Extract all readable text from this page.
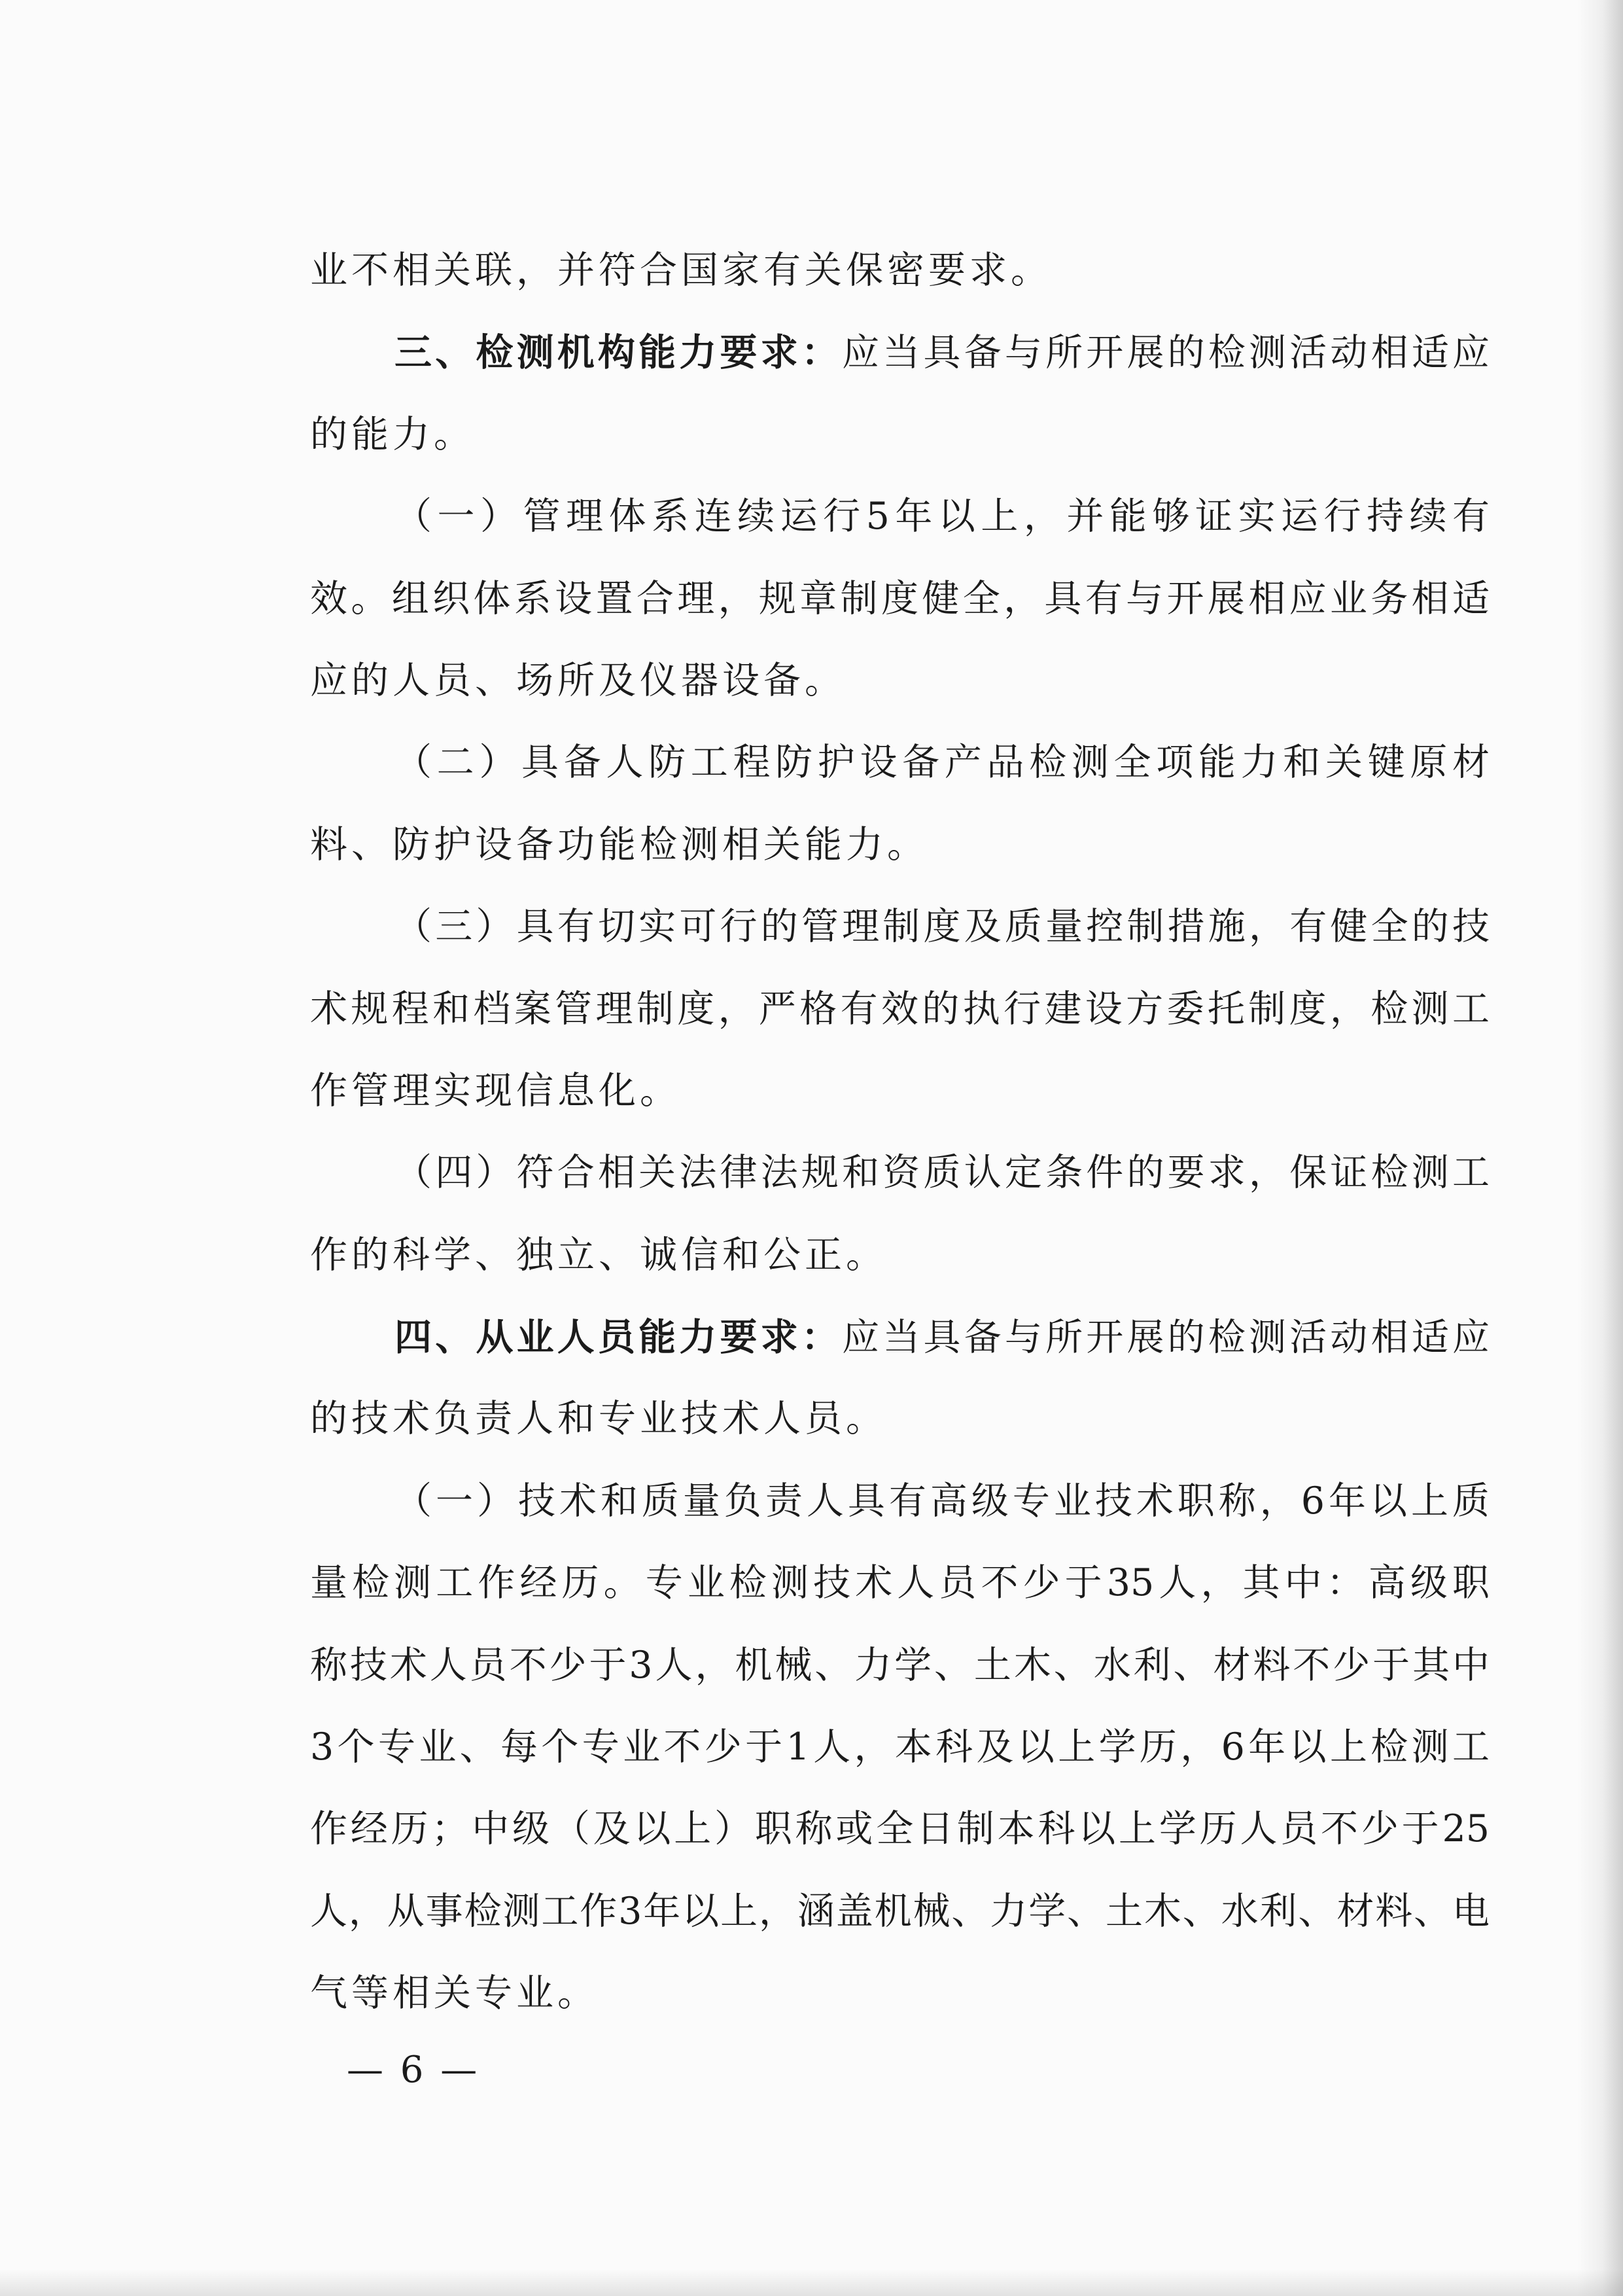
业不相关联，并符合国家有关保密要求。
三、检测机构能力要求：应当具备与所开展的检测活动相适应
的能力。
（一）管理体系连续运行5年以上，并能够证实运行持续有
效。组织体系设置合理，规章制度健全，具有与开展相应业务相适
应的人员、场所及仪器设备。
（二）具备人防工程防护设备产品检测全项能力和关键原材
料、防护设备功能检测相关能力。
（三）具有切实可行的管理制度及质量控制措施，有健全的技
术规程和档案管理制度，严格有效的执行建设方委托制度，检测工
作管理实现信息化。
（四）符合相关法律法规和资质认定条件的要求，保证检测工
作的科学、独立、诚信和公正。
四、从业人员能力要求：应当具备与所开展的检测活动相适应
的技术负责人和专业技术人员。
（一）技术和质量负责人具有高级专业技术职称，6年以上质
量检测工作经历。专业检测技术人员不少于35人，其中：高级职
称技术人员不少于3人，机械、力学、土木、水利、材料不少于其中
3个专业、每个专业不少于1人，本科及以上学历，6年以上检测工
作经历；中级（及以上）职称或全日制本科以上学历人员不少于25
人，从事检测工作3年以上，涵盖机械、力学、土木、水利、材料、电
气等相关专业。
— 6 —
